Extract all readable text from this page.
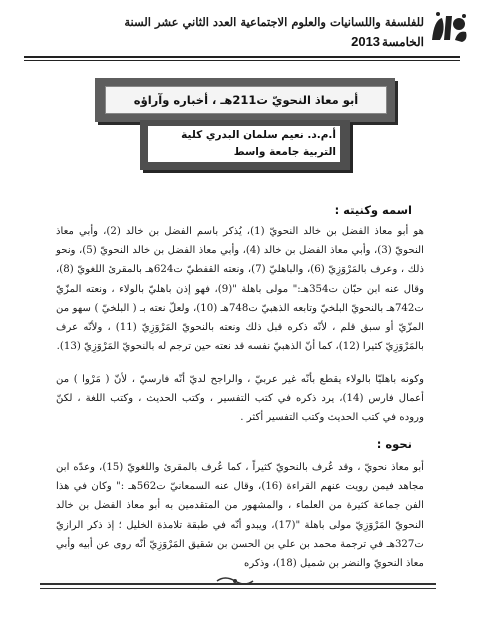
للفلسفة واللسانيات والعلوم الاجتماعية العدد الثاني عشر السنة
الخامسة2013
أبو معاذ النحويّ ت211هـ ، أخباره وآراؤه
أ.م.د. نعيم سلمان البدري كلية التربية جامعة واسط
اسمه وكنيته :

هو أبو معاذ الفضل بن خالد النحويّ (1)، يُذكر باسم الفضل بن خالد (2)، وأبي معاذ النحويّ (3)، وأبي معاذ الفضل بن خالد (4)، وأبي معاذ الفضل بن خالد النحويّ (5)، ونحو ذلك ، وعرف بالمَرْوَزِيّ (6)، والباهليّ (7)، ونعته القفطيّ ت624هـ بالمقرئ اللغويّ (8)، وقال عنه ابن حبّان ت354هـ:" مولى باهلة "(9)، فهو إذن باهليّ بالولاء ، ونعته المزّيّ ت742هـ بالنحويّ البلخيّ وتابعه الذهبيّ ت748هـ (10)، ولعلّ نعته بـ ( البلخيّ ) سهو من المزّيّ أو سبق قلم ، لأنّه ذكره قبل ذلك ونعته بالنحويّ المَرْوَزِيّ (11) ، ولأنّه عرف بالمَرْوَزِيّ كثيرا (12)، كما أنّ الذهبيّ نفسه قد نعته حين ترجم له بالنحويّ المَرْوَزِيّ (13).

وكونه باهليّا بالولاء يقطع بأنّه غير عربيّ ، والراجح لديّ أنّه فارسيّ ، لأنّ ( مَرْوا ) من أعمال فارس (14)، يرد ذكره في كتب التفسير ، وكتب الحديث ، وكتب اللغة ، لكنّ وروده في كتب الحديث وكتب التفسير أكثر .

نحوه :

أبو معاذ نحويّ ، وقد عُرف بالنحويّ كثيراً ، كما عُرف بالمقرئ واللغويّ (15)، وعدّه ابن مجاهد فيمن رويت عنهم القراءة (16)، وقال عنه السمعانيّ ت562هـ :" وكان في هذا الفن جماعة كثيرة من العلماء ، والمشهور من المتقدمين به أبو معاذ الفضل بن خالد النحويّ المَرْوَزِيّ مولى باهلة "(17)، ويبدو أنّه في طبقة تلامذة الخليل ؛ إذ ذكر الرازيّ ت327هـ في ترجمة محمد بن علي بن الحسن بن شقيق المَرْوَزِيّ أنّه روى عن أبيه وأبي معاذ النحويّ والنضر بن شميل (18)، وذكره
